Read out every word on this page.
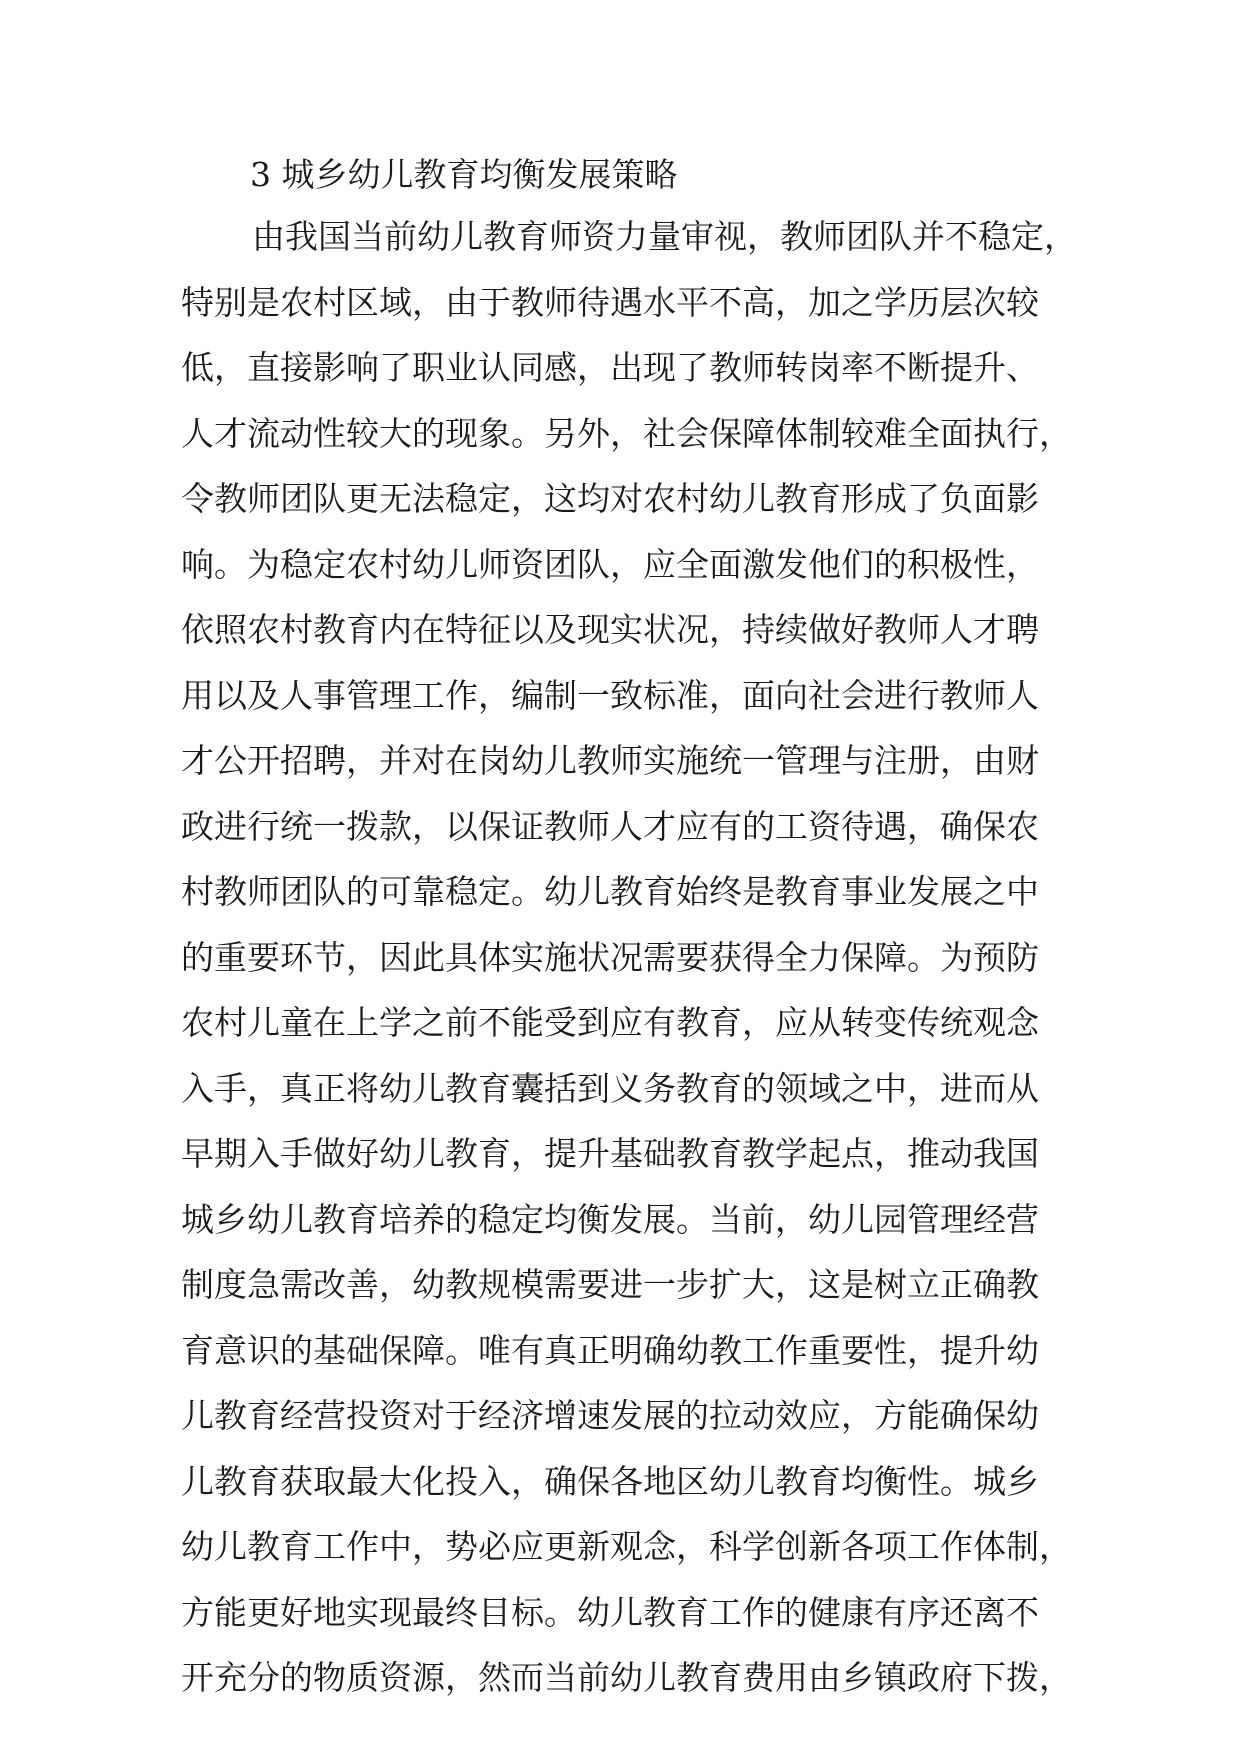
3 城乡幼儿教育均衡发展策略
由我国当前幼儿教育师资力量审视，教师团队并不稳定，
特别是农村区域，由于教师待遇水平不高，加之学历层次较
低，直接影响了职业认同感，出现了教师转岗率不断提升、
人才流动性较大的现象。另外，社会保障体制较难全面执行，
令教师团队更无法稳定，这均对农村幼儿教育形成了负面影
响。为稳定农村幼儿师资团队，应全面激发他们的积极性，
依照农村教育内在特征以及现实状况，持续做好教师人才聘
用以及人事管理工作，编制一致标准，面向社会进行教师人
才公开招聘，并对在岗幼儿教师实施统一管理与注册，由财
政进行统一拨款，以保证教师人才应有的工资待遇，确保农
村教师团队的可靠稳定。幼儿教育始终是教育事业发展之中
的重要环节，因此具体实施状况需要获得全力保障。为预防
农村儿童在上学之前不能受到应有教育，应从转变传统观念
入手，真正将幼儿教育囊括到义务教育的领域之中，进而从
早期入手做好幼儿教育，提升基础教育教学起点，推动我国
城乡幼儿教育培养的稳定均衡发展。当前，幼儿园管理经营
制度急需改善，幼教规模需要进一步扩大，这是树立正确教
育意识的基础保障。唯有真正明确幼教工作重要性，提升幼
儿教育经营投资对于经济增速发展的拉动效应，方能确保幼
儿教育获取最大化投入，确保各地区幼儿教育均衡性。城乡
幼儿教育工作中，势必应更新观念，科学创新各项工作体制，
方能更好地实现最终目标。幼儿教育工作的健康有序还离不
开充分的物质资源，然而当前幼儿教育费用由乡镇政府下拨，
